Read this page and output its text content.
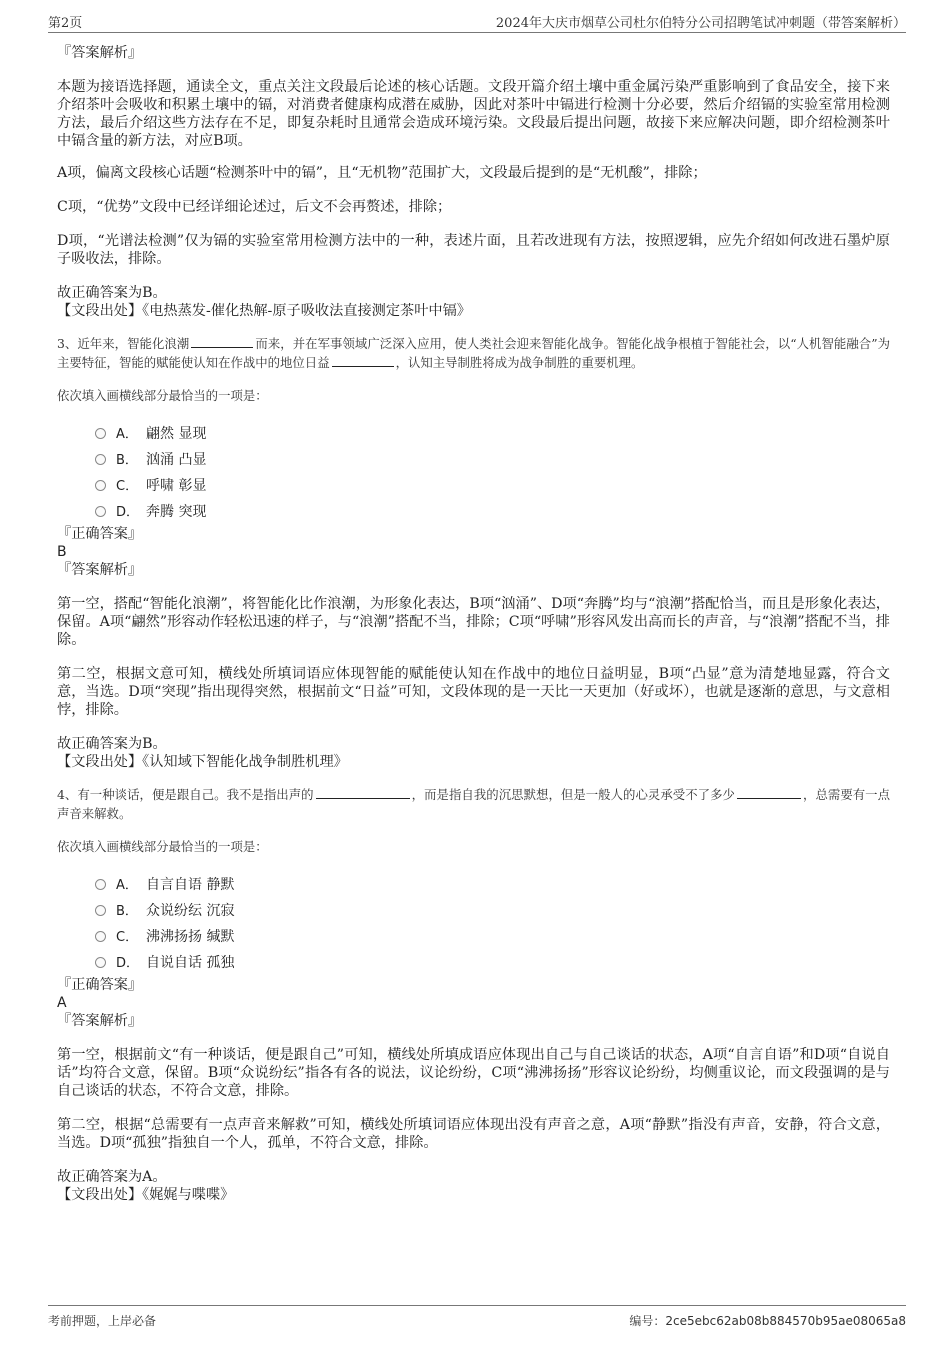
第2页	2024年大庆市烟草公司杜尔伯特分公司招聘笔试冲刺题（带答案解析）

『答案解析』

本题为接语选择题，通读全文，重点关注文段最后论述的核心话题。文段开篇介绍土壤中重金属污染严重影响到了食品安全，接下来介绍茶叶会吸收和积累土壤中的镉，对消费者健康构成潜在威胁，因此对茶叶中镉进行检测十分必要，然后介绍镉的实验室常用检测方法，最后介绍这些方法存在不足，即复杂耗时且通常会造成环境污染。文段最后提出问题，故接下来应解决问题，即介绍检测茶叶中镉含量的新方法，对应B项。

A项，偏离文段核心话题“检测茶叶中的镉”，且“无机物”范围扩大，文段最后提到的是“无机酸”，排除；

C项，“优势”文段中已经详细论述过，后文不会再赘述，排除；

D项，“光谱法检测”仅为镉的实验室常用检测方法中的一种，表述片面，且若改进现有方法，按照逻辑，应先介绍如何改进石墨炉原子吸收法，排除。

故正确答案为B。

【文段出处】《电热蒸发-催化热解-原子吸收法直接测定茶叶中镉》

3、近年来，智能化浪潮	而来，并在军事领域广泛深入应用，使人类社会迎来智能化战争。智能化战争根植于智能社会，以“人机智能融合”为主要特征，智能的赋能使认知在作战中的地位日益	，认知主导制胜将成为战争制胜的重要机理。

依次填入画横线部分最恰当的一项是：

A． 翩然 显现
B． 汹涌 凸显
C． 呼啸 彰显
D． 奔腾 突现

『正确答案』

B

『答案解析』

第一空，搭配“智能化浪潮”，将智能化比作浪潮，为形象化表达，B项“汹涌”、D项“奔腾”均与“浪潮”搭配恰当，而且是形象化表达，保留。A项“翩然”形容动作轻松迅速的样子，与“浪潮”搭配不当，排除；C项“呼啸”形容风发出高而长的声音，与“浪潮”搭配不当，排除。

第二空，根据文意可知，横线处所填词语应体现智能的赋能使认知在作战中的地位日益明显，B项“凸显”意为清楚地显露，符合文意，当选。D项“突现”指出现得突然，根据前文“日益”可知，文段体现的是一天比一天更加（好或坏），也就是逐渐的意思，与文意相悖，排除。

故正确答案为B。

【文段出处】《认知域下智能化战争制胜机理》

4、有一种谈话，便是跟自己。我不是指出声的	，而是指自我的沉思默想，但是一般人的心灵承受不了多少	，总需要有一点声音来解救。

依次填入画横线部分最恰当的一项是：

A． 自言自语 静默
B． 众说纷纭 沉寂
C． 沸沸扬扬 缄默
D． 自说自话 孤独

『正确答案』

A

『答案解析』

第一空，根据前文“有一种谈话，便是跟自己”可知，横线处所填成语应体现出自己与自己谈话的状态，A项“自言自语”和D项“自说自话”均符合文意，保留。B项“众说纷纭”指各有各的说法，议论纷纷，C项“沸沸扬扬”形容议论纷纷，均侧重议论，而文段强调的是与自己谈话的状态，不符合文意，排除。

第二空，根据“总需要有一点声音来解救”可知，横线处所填词语应体现出没有声音之意，A项“静默”指没有声音，安静，符合文意，当选。D项“孤独”指独自一个人，孤单，不符合文意，排除。

故正确答案为A。

【文段出处】《娓娓与喋喋》

考前押题，上岸必备	编号：2ce5ebc62ab08b884570b95ae08065a8
